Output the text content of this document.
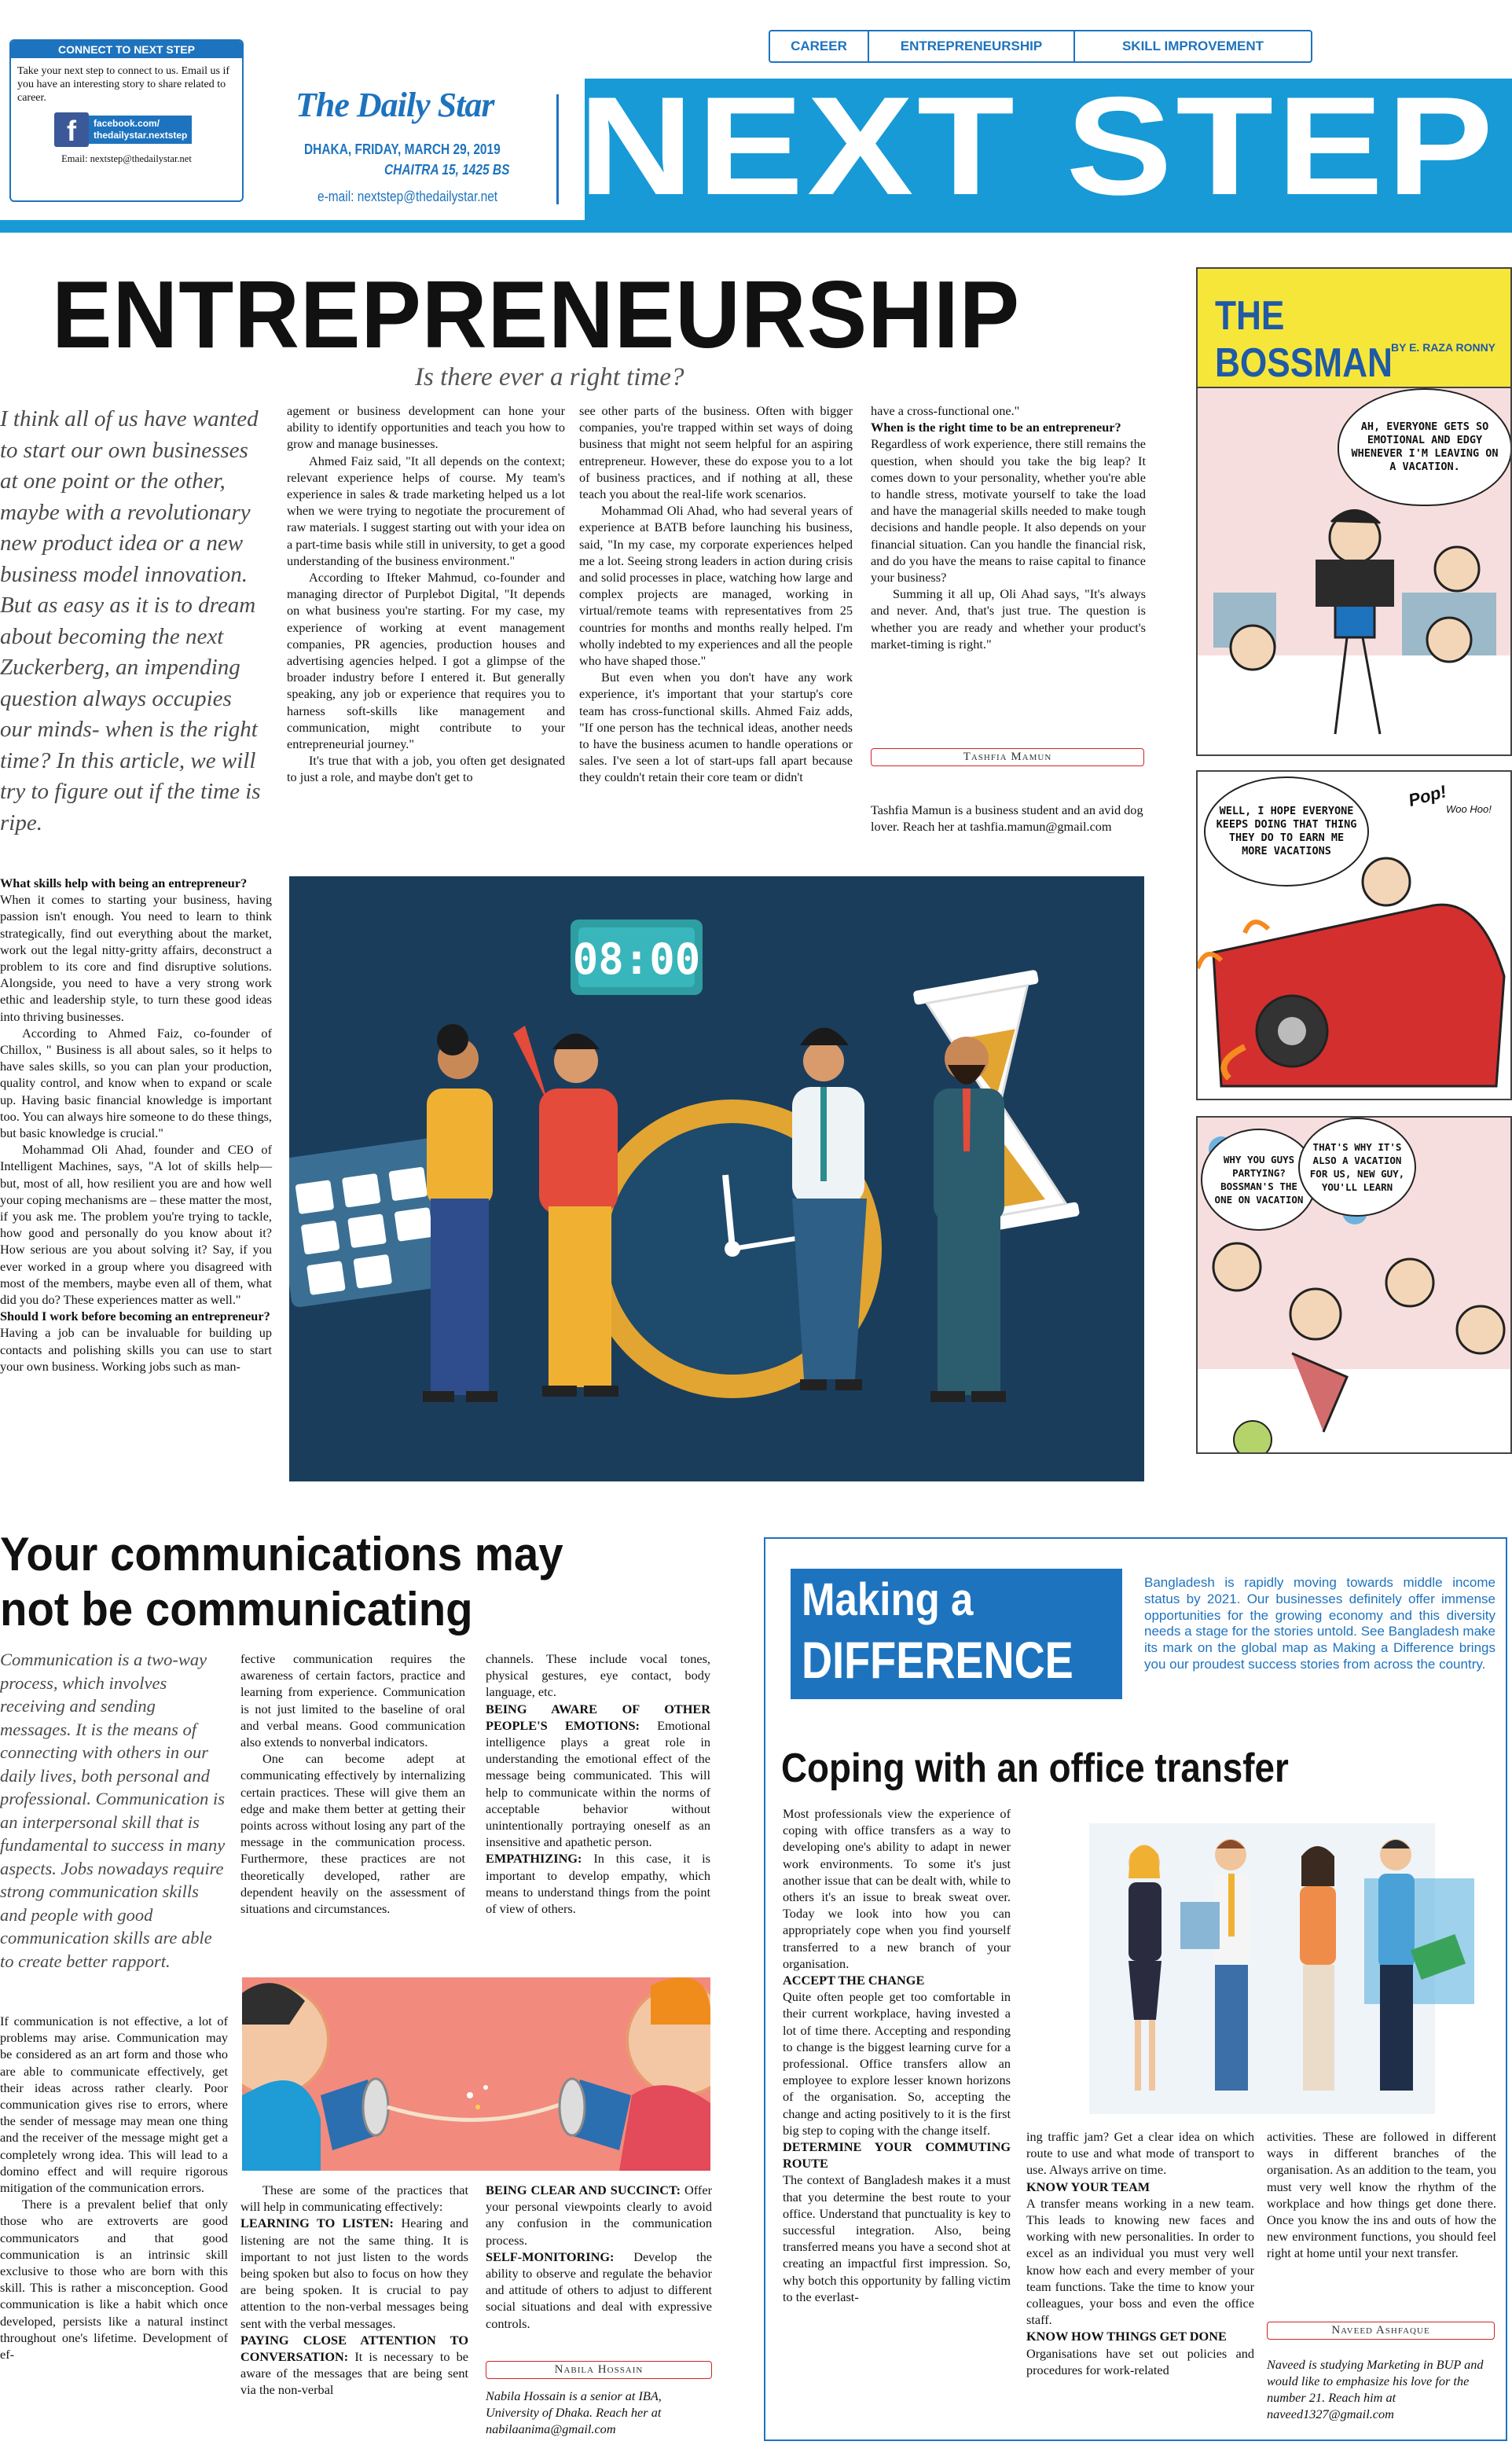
CONNECT TO NEXT STEP
Take your next step to connect to us. Email us if you have an interesting story to share related to career.
f	facebook.com/
thedailystar.nextstep
Email: nextstep@thedailystar.net
The Daily Star
DHAKA, FRIDAY, MARCH 29, 2019
CHAITRA 15, 1425 BS
e-mail: nextstep@thedailystar.net NEXT STEP
CAREER	ENTREPRENEURSHIP	SKILL IMPROVEMENT
ENTREPRENEURSHIP
Is there ever a right time?
I think all of us have wanted to start our own businesses at one point or the other, maybe with a revolutionary new product idea or a new business model innovation. But as easy as it is to dream about becoming the next Zuckerberg, an impending question always occupies our minds- when is the right time? In this article, we will try to figure out if the time is ripe.
What skills help with being an entrepreneur?

When it comes to starting your business, having passion isn't enough. You need to learn to think strategically, find out everything about the market, work out the legal nitty-gritty affairs, deconstruct a problem to its core and find disruptive solutions. Alongside, you need to have a very strong work ethic and leadership style, to turn these good ideas into thriving businesses.

According to Ahmed Faiz, co-founder of Chillox, " Business is all about sales, so it helps to have sales skills, so you can plan your production, quality control, and know when to expand or scale up. Having basic financial knowledge is important too. You can always hire someone to do these things, but basic knowledge is crucial."

Mohammad Oli Ahad, founder and CEO of Intelligent Machines, says, "A lot of skills help—but, most of all, how resilient you are and how well your coping mechanisms are – these matter the most, if you ask me. The problem you're trying to tackle, how good and personally do you know about it? How serious are you about solving it? Say, if you ever worked in a group where you disagreed with most of the members, maybe even all of them, what did you do? These experiences matter as well."

Should I work before becoming an entrepreneur?

Having a job can be invaluable for building up contacts and polishing skills you can use to start your own business. Working jobs such as man-

agement or business development can hone your ability to identify opportunities and teach you how to grow and manage businesses.

Ahmed Faiz said, "It all depends on the context; relevant experience helps of course. My team's experience in sales & trade marketing helped us a lot when we were trying to negotiate the procurement of raw materials. I suggest starting out with your idea on a part-time basis while still in university, to get a good understanding of the business environment."

According to Ifteker Mahmud, co-founder and managing director of Purplebot Digital, "It depends on what business you're starting. For my case, my experience of working at event management companies, PR agencies, production houses and advertising agencies helped. I got a glimpse of the broader industry before I entered it. But generally speaking, any job or experience that requires you to harness soft-skills like management and communication, might contribute to your entrepreneurial journey."

It's true that with a job, you often get designated to just a role, and maybe don't get to

see other parts of the business. Often with bigger companies, you're trapped within set ways of doing business that might not seem helpful for an aspiring entrepreneur. However, these do expose you to a lot of business practices, and if nothing at all, these teach you about the real-life work scenarios.

Mohammad Oli Ahad, who had several years of experience at BATB before launching his business, said, "In my case, my corporate experiences helped me a lot. Seeing strong leaders in action during crisis and solid processes in place, watching how large and complex projects are managed, working in virtual/remote teams with representatives from 25 countries for months and months really helped. I'm wholly indebted to my experiences and all the people who have shaped those."

But even when you don't have any work experience, it's important that your startup's core team has cross-functional skills. Ahmed Faiz adds, "If one person has the technical ideas, another needs to have the business acumen to handle operations or sales. I've seen a lot of start-ups fall apart because they couldn't retain their core team or didn't

have a cross-functional one."

When is the right time to be an entrepreneur?

Regardless of work experience, there still remains the question, when should you take the big leap? It comes down to your personality, whether you're able to handle stress, motivate yourself to take the load and have the managerial skills needed to make tough decisions and handle people. It also depends on your financial situation. Can you handle the financial risk, and do you have the means to raise capital to finance your business?

Summing it all up, Oli Ahad says, "It's always and never. And, that's just true. The question is whether you are ready and whether your product's market-timing is right."

Tashfia Mamun
Tashfia Mamun is a business student and an avid dog lover. Reach her at tashfia.mamun@gmail.com
08:00
THE BOSSMAN
BY E. RAZA RONNY
AH, EVERYONE GETS SO EMOTIONAL AND EDGY WHENEVER I'M LEAVING ON A VACATION.
WELL, I HOPE EVERYONE KEEPS DOING THAT THING THEY DO TO EARN ME MORE VACATIONS
Pop!
Woo Hoo!
WHY YOU GUYS PARTYING? BOSSMAN'S THE ONE ON VACATION
THAT'S WHY IT'S ALSO A VACATION FOR US, NEW GUY, YOU'LL LEARN
Your communications may
not be communicating
Communication is a two-way process, which involves receiving and sending messages. It is the means of connecting with others in our daily lives, both personal and professional. Communication is an interpersonal skill that is fundamental to success in many aspects. Jobs nowadays require strong communication skills and people with good communication skills are able to create better rapport.

If communication is not effective, a lot of problems may arise. Communication may be considered as an art form and those who are able to communicate effectively, get their ideas across rather clearly. Poor communication gives rise to errors, where the sender of message may mean one thing and the receiver of the message might get a completely wrong idea. This will lead to a domino effect and will require rigorous mitigation of the communication errors.

There is a prevalent belief that only those who are extroverts are good communicators and that good communication is an intrinsic skill exclusive to those who are born with this skill. This is rather a misconception. Good communication is like a habit which once developed, persists like a natural instinct throughout one's lifetime. Development of ef-

fective communication requires the awareness of certain factors, practice and learning from experience. Communication is not just limited to the baseline of oral and verbal means. Good communication also extends to nonverbal indicators.

One can become adept at communicating effectively by internalizing certain practices. These will give them an edge and make them better at getting their points across without losing any part of the message in the communication process. Furthermore, these practices are not theoretically developed, rather are dependent heavily on the assessment of situations and circumstances.

channels. These include vocal tones, physical gestures, eye contact, body language, etc.

BEING AWARE OF OTHER PEOPLE'S EMOTIONS: Emotional intelligence plays a great role in understanding the emotional effect of the message being communicated. This will help to communicate within the norms of acceptable behavior without unintentionally portraying oneself as an insensitive and apathetic person.

EMPATHIZING: In this case, it is important to develop empathy, which means to understand things from the point of view of others.

These are some of the practices that will help in communicating effectively:

LEARNING TO LISTEN: Hearing and listening are not the same thing. It is important to not just listen to the words being spoken but also to focus on how they are being spoken. It is crucial to pay attention to the non-verbal messages being sent with the verbal messages.

PAYING CLOSE ATTENTION TO CONVERSATION: It is necessary to be aware of the messages that are being sent via the non-verbal

BEING CLEAR AND SUCCINCT: Offer your personal viewpoints clearly to avoid any confusion in the communication process.

SELF-MONITORING: Develop the ability to observe and regulate the behavior and attitude of others to adjust to different social situations and deal with expressive controls.

Nabila Hossain
Nabila Hossain is a senior at IBA, University of Dhaka. Reach her at nabilaanima@gmail.com
Making a
DIFFERENCE
Bangladesh is rapidly moving towards middle income status by 2021. Our businesses definitely offer immense opportunities for the growing economy and this diversity needs a stage for the stories untold. See Bangladesh make its mark on the global map as Making a Difference brings you our proudest success stories from across the country.
Coping with an office transfer

Most professionals view the experience of coping with office transfers as a way to developing one's ability to adapt in newer work environments. To some it's just another issue that can be dealt with, while to others it's an issue to break sweat over. Today we look into how you can appropriately cope when you find yourself transferred to a new branch of your organisation.

ACCEPT THE CHANGE

Quite often people get too comfortable in their current workplace, having invested a lot of time there. Accepting and responding to change is the biggest learning curve for a professional. Office transfers allow an employee to explore lesser known horizons of the organisation. So, accepting the change and acting positively to it is the first big step to coping with the change itself.

DETERMINE YOUR COMMUTING ROUTE

The context of Bangladesh makes it a must that you determine the best route to your office. Understand that punctuality is key to successful integration. Also, being transferred means you have a second shot at creating an impactful first impression. So, why botch this opportunity by falling victim to the everlast-

ing traffic jam? Get a clear idea on which route to use and what mode of transport to use. Always arrive on time.

KNOW YOUR TEAM

A transfer means working in a new team. This leads to knowing new faces and working with new personalities. In order to excel as an individual you must very well know how each and every member of your team functions. Take the time to know your colleagues, your boss and even the office staff.

KNOW HOW THINGS GET DONE

Organisations have set out policies and procedures for work-related

activities. These are followed in different ways in different branches of the organisation. As an addition to the team, you must very well know the rhythm of the workplace and how things get done there. Once you know the ins and outs of how the new environment functions, you should feel right at home until your next transfer.

Naveed Ashfaque
Naveed is studying Marketing in BUP and would like to emphasize his love for the number 21. Reach him at naveed1327@gmail.com
